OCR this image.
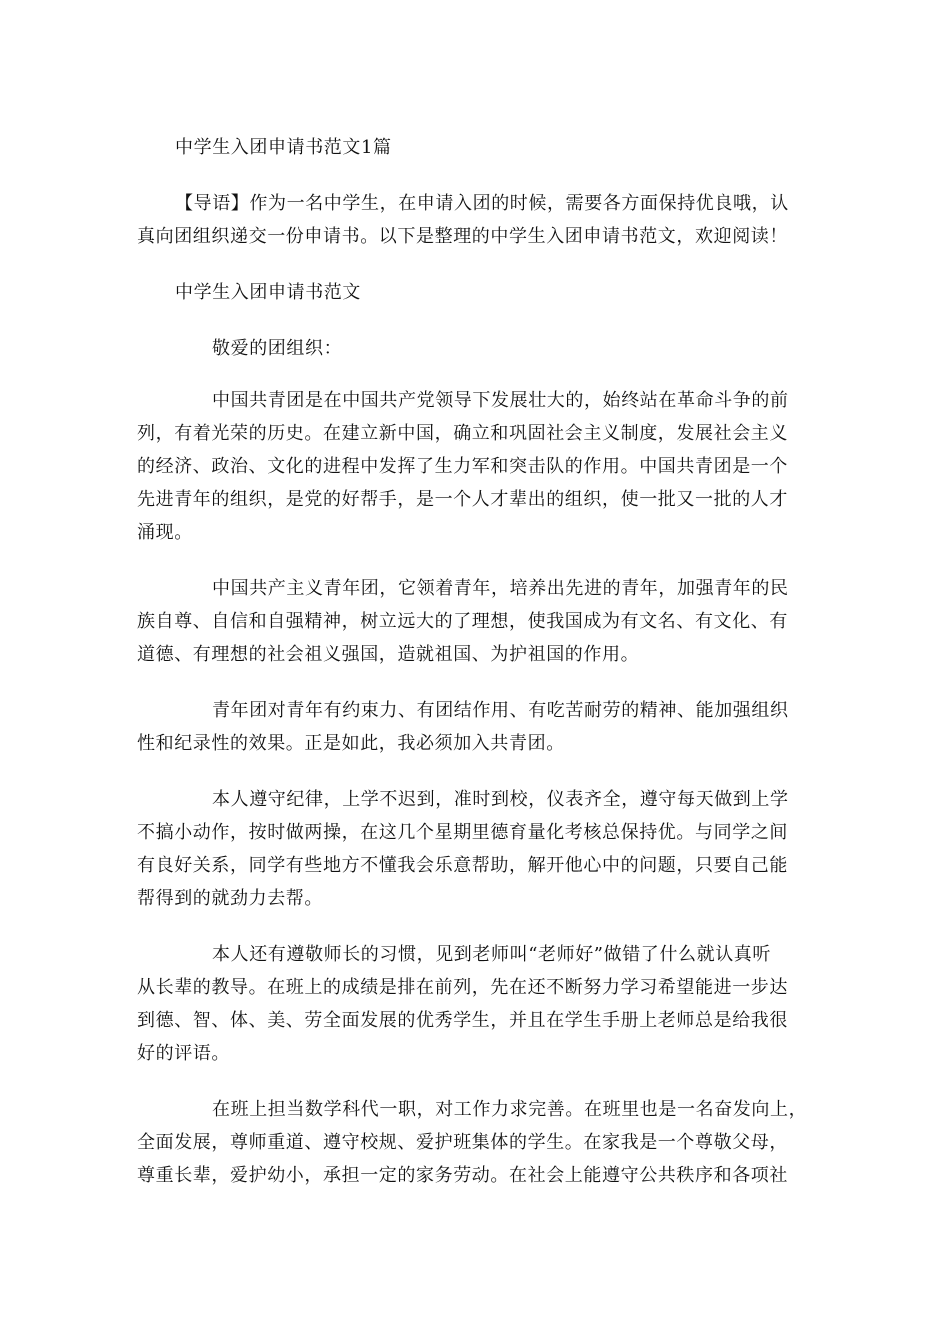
中学生入团申请书范文1篇
【导语】作为一名中学生，在申请入团的时候，需要各方面保持优良哦，认
真向团组织递交一份申请书。以下是整理的中学生入团申请书范文，欢迎阅读！
中学生入团申请书范文
敬爱的团组织：
中国共青团是在中国共产党领导下发展壮大的，始终站在革命斗争的前
列，有着光荣的历史。在建立新中国，确立和巩固社会主义制度，发展社会主义
的经济、政治、文化的进程中发挥了生力军和突击队的作用。中国共青团是一个
先进青年的组织，是党的好帮手，是一个人才辈出的组织，使一批又一批的人才
涌现。
中国共产主义青年团，它领着青年，培养出先进的青年，加强青年的民
族自尊、自信和自强精神，树立远大的了理想，使我国成为有文名、有文化、有
道德、有理想的社会祖义强国，造就祖国、为护祖国的作用。
青年团对青年有约束力、有团结作用、有吃苦耐劳的精神、能加强组织
性和纪录性的效果。正是如此，我必须加入共青团。
本人遵守纪律，上学不迟到，准时到校，仪表齐全，遵守每天做到上学
不搞小动作，按时做两操，在这几个星期里德育量化考核总保持优。与同学之间
有良好关系，同学有些地方不懂我会乐意帮助，解开他心中的问题，只要自己能
帮得到的就劲力去帮。
本人还有遵敬师长的习惯，见到老师叫“老师好”做错了什么就认真听
从长辈的教导。在班上的成绩是排在前列，先在还不断努力学习希望能进一步达
到德、智、体、美、劳全面发展的优秀学生，并且在学生手册上老师总是给我很
好的评语。
在班上担当数学科代一职，对工作力求完善。在班里也是一名奋发向上，
全面发展，尊师重道、遵守校规、爱护班集体的学生。在家我是一个尊敬父母，
尊重长辈，爱护幼小，承担一定的家务劳动。在社会上能遵守公共秩序和各项社
